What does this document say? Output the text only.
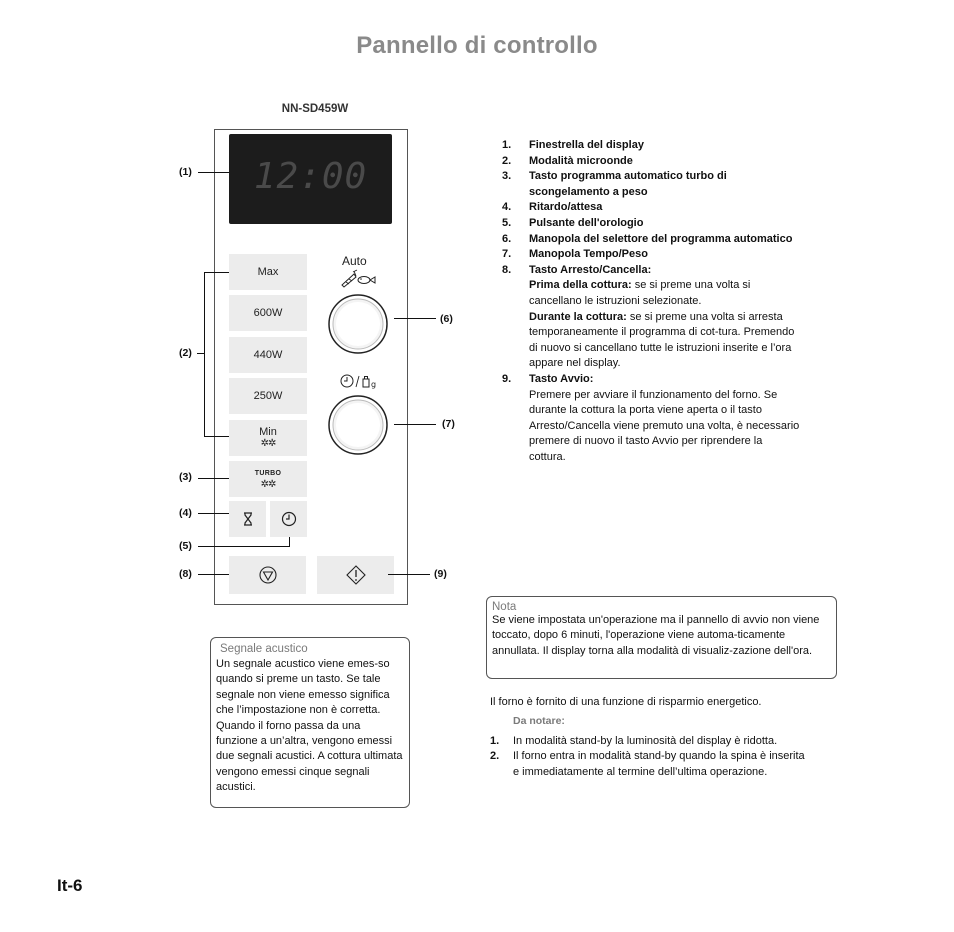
Pannello di controllo
NN-SD459W
12:00
Max
600W
440W
250W
Min
✲✲
TURBO
✲✲
Auto
g
(1)
(2)
(3)
(4)
(5)
(8)
(6)
(7)
(9)
1.	Finestrella del display
2.	Modalità microonde
3.	Tasto programma automatico turbo di scongelamento a peso
4.	Ritardo/attesa
5.	Pulsante dell'orologio
6.	Manopola del selettore del programma automatico
7.	Manopola Tempo/Peso
8.	Tasto Arresto/Cancella:
Prima della cottura: se si preme una volta si cancellano le istruzioni selezionate.
Durante la cottura: se si preme una volta si arresta temporaneamente il programma di cot-tura. Premendo di nuovo si cancellano tutte le istruzioni inserite e l’ora appare nel display.
9.	Tasto Avvio:
Premere per avviare il funzionamento del forno. Se durante la cottura la porta viene aperta o il tasto Arresto/Cancella viene premuto una volta, è necessario premere di nuovo il tasto Avvio per riprendere la cottura.
Nota
Se viene impostata un'operazione ma il pannello di avvio non viene toccato, dopo 6 minuti, l'operazione viene automa-ticamente annullata. Il display torna alla modalità di visualiz-zazione dell'ora.
Segnale acustico
Un segnale acustico viene emes-so quando si preme un tasto. Se tale segnale non viene emesso significa che l’impostazione non è corretta. Quando il forno passa da una funzione a un’altra, vengono emessi due segnali acustici. A cottura ultimata vengono emessi cinque segnali acustici.
Il forno è fornito di una funzione di risparmio energetico.
Da notare:
1.	In modalità stand-by la luminosità del display è ridotta.
2.	Il forno entra in modalità stand-by quando la spina è inserita e immediatamente al termine dell’ultima operazione.
It-6
